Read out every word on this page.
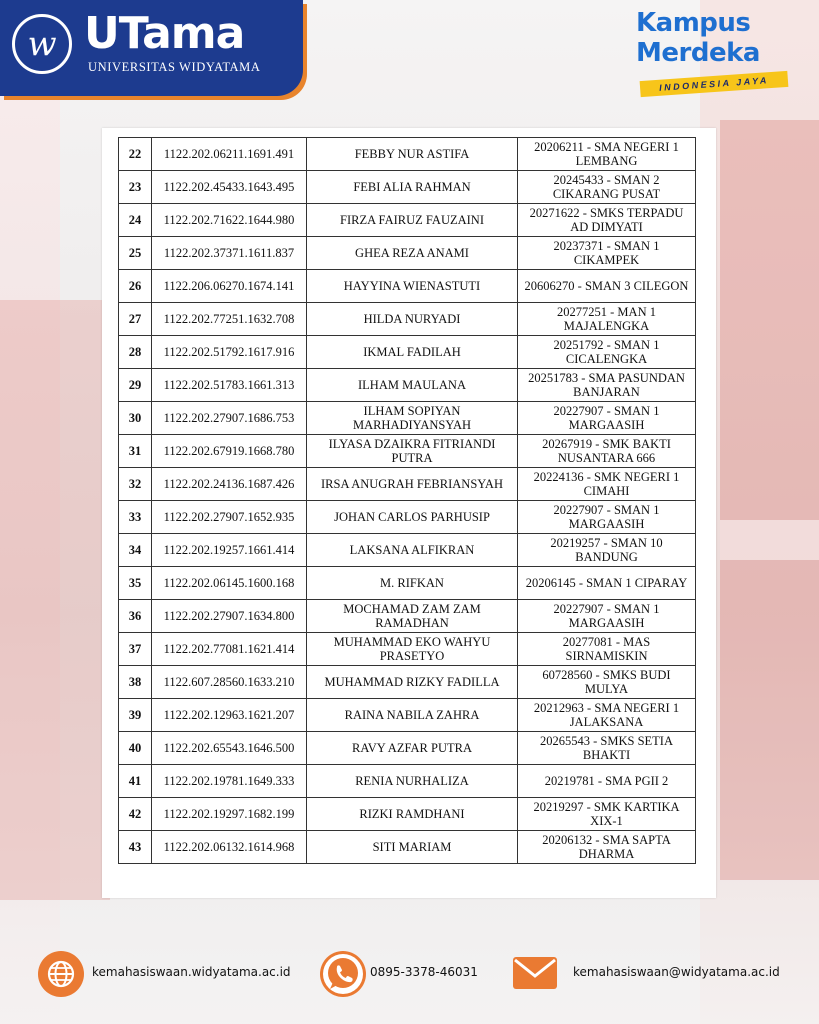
w UTama
UNIVERSITAS WIDYATAMA
Kampus
Merdeka
INDONESIA JAYA
22	1122.202.06211.1691.491	FEBBY NUR ASTIFA	20206211 - SMA NEGERI 1 LEMBANG
23	1122.202.45433.1643.495	FEBI ALIA RAHMAN	20245433 - SMAN 2 CIKARANG PUSAT
24	1122.202.71622.1644.980	FIRZA FAIRUZ FAUZAINI	20271622 - SMKS TERPADU AD DIMYATI
25	1122.202.37371.1611.837	GHEA REZA ANAMI	20237371 - SMAN 1 CIKAMPEK
26	1122.206.06270.1674.141	HAYYINA WIENASTUTI	20606270 - SMAN 3 CILEGON
27	1122.202.77251.1632.708	HILDA NURYADI	20277251 - MAN 1 MAJALENGKA
28	1122.202.51792.1617.916	IKMAL FADILAH	20251792 - SMAN 1 CICALENGKA
29	1122.202.51783.1661.313	ILHAM MAULANA	20251783 - SMA PASUNDAN BANJARAN
30	1122.202.27907.1686.753	ILHAM SOPIYAN MARHADIYANSYAH	20227907 - SMAN 1 MARGAASIH
31	1122.202.67919.1668.780	ILYASA DZAIKRA FITRIANDI PUTRA	20267919 - SMK BAKTI NUSANTARA 666
32	1122.202.24136.1687.426	IRSA ANUGRAH FEBRIANSYAH	20224136 - SMK NEGERI 1 CIMAHI
33	1122.202.27907.1652.935	JOHAN CARLOS PARHUSIP	20227907 - SMAN 1 MARGAASIH
34	1122.202.19257.1661.414	LAKSANA ALFIKRAN	20219257 - SMAN 10 BANDUNG
35	1122.202.06145.1600.168	M. RIFKAN	20206145 - SMAN 1 CIPARAY
36	1122.202.27907.1634.800	MOCHAMAD ZAM ZAM RAMADHAN	20227907 - SMAN 1 MARGAASIH
37	1122.202.77081.1621.414	MUHAMMAD EKO WAHYU PRASETYO	20277081 - MAS SIRNAMISKIN
38	1122.607.28560.1633.210	MUHAMMAD RIZKY FADILLA	60728560 - SMKS BUDI MULYA
39	1122.202.12963.1621.207	RAINA NABILA ZAHRA	20212963 - SMA NEGERI 1 JALAKSANA
40	1122.202.65543.1646.500	RAVY AZFAR PUTRA	20265543 - SMKS SETIA BHAKTI
41	1122.202.19781.1649.333	RENIA NURHALIZA	20219781 - SMA PGII 2
42	1122.202.19297.1682.199	RIZKI RAMDHANI	20219297 - SMK KARTIKA XIX-1
43	1122.202.06132.1614.968	SITI MARIAM	20206132 - SMA SAPTA DHARMA
kemahasiswaan.widyatama.ac.id	0895-3378-46031	kemahasiswaan@widyatama.ac.id
